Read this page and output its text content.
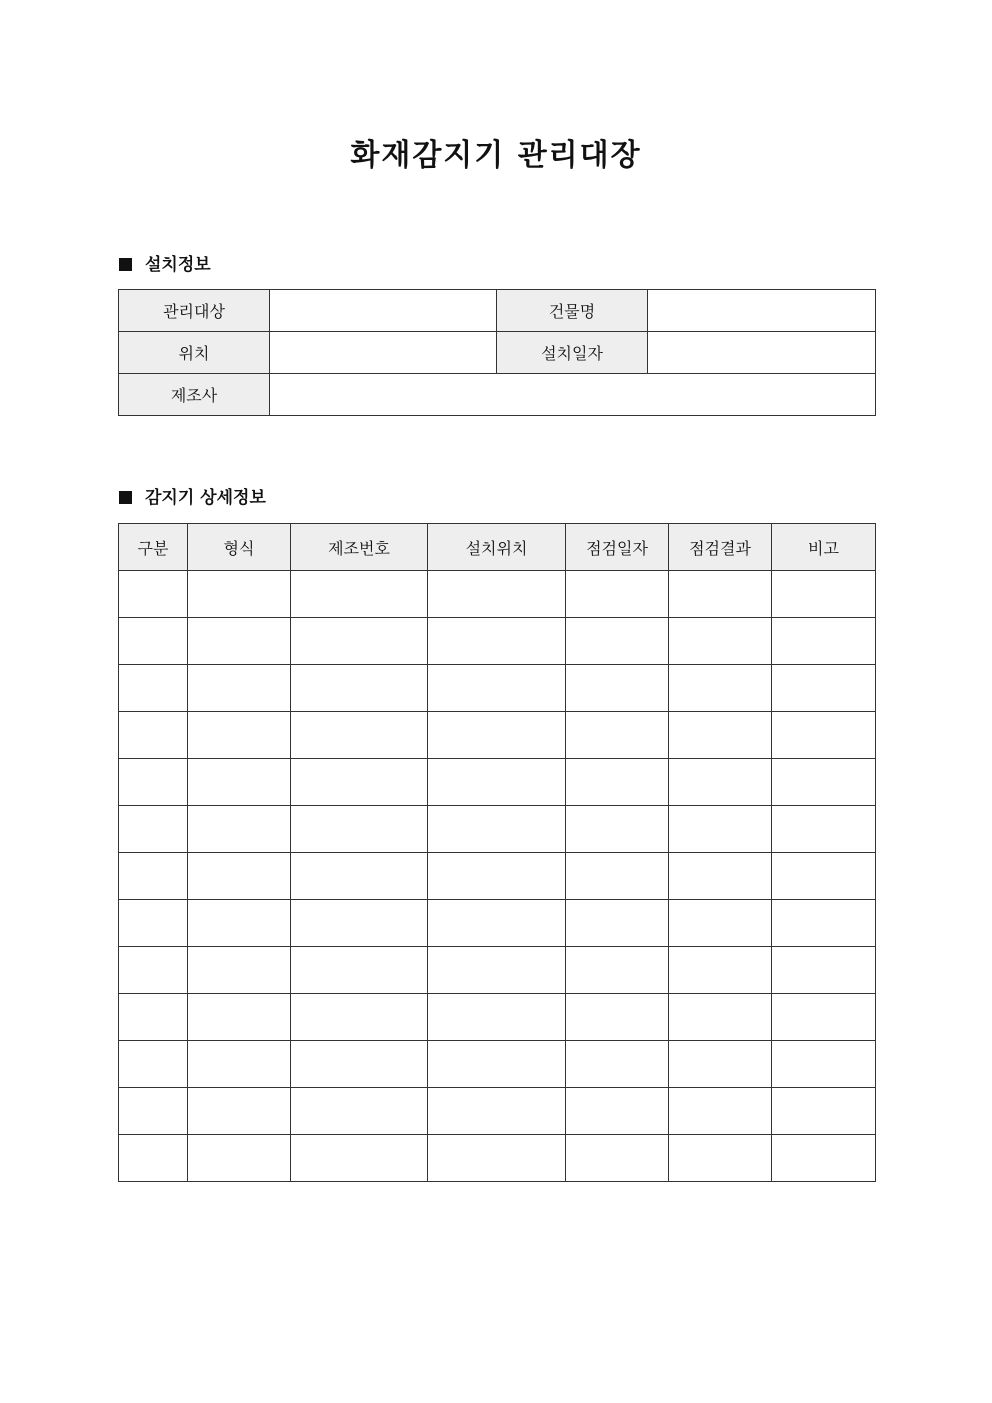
화재감지기 관리대장
설치정보
관리대상		건물명	
위치		설치일자	
제조사			
감지기 상세정보
구분	형식	제조번호	설치위치	점검일자	점검결과	비고
